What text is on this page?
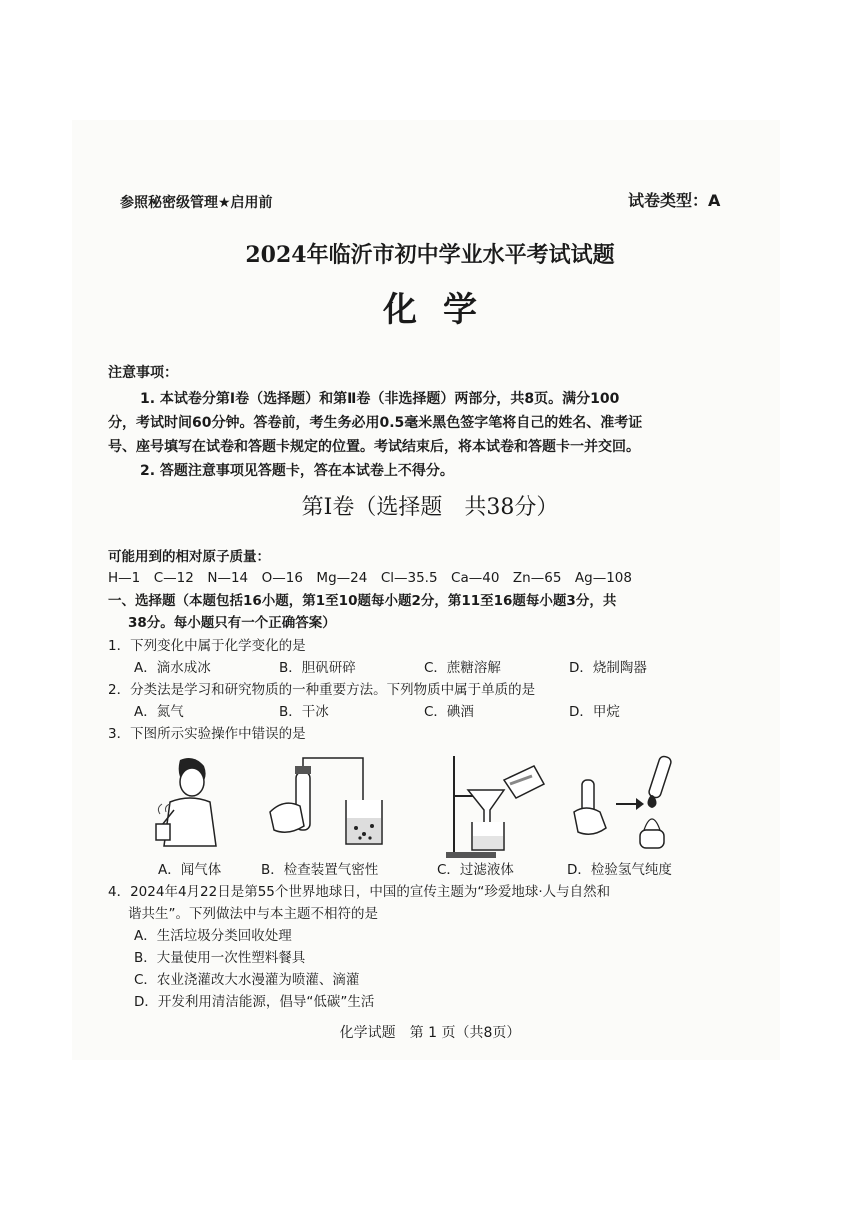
参照秘密级管理★启用前	试卷类型：A
2024年临沂市初中学业水平考试试题
化学
注意事项：
1. 本试卷分第Ⅰ卷（选择题）和第Ⅱ卷（非选择题）两部分，共8页。满分100
分，考试时间60分钟。答卷前，考生务必用0.5毫米黑色签字笔将自己的姓名、准考证
号、座号填写在试卷和答题卡规定的位置。考试结束后，将本试卷和答题卡一并交回。
2. 答题注意事项见答题卡，答在本试卷上不得分。
第Ⅰ卷（选择题　共38分）
可能用到的相对原子质量：
H—1　C—12　N—14　O—16　Mg—24　Cl—35.5　Ca—40　Zn—65　Ag—108
一、选择题（本题包括16小题，第1至10题每小题2分，第11至16题每小题3分，共
38分。每小题只有一个正确答案）
1．下列变化中属于化学变化的是
A．滴水成冰	B．胆矾研碎	C．蔗糖溶解	D．烧制陶器
2．分类法是学习和研究物质的一种重要方法。下列物质中属于单质的是
A．氮气	B．干冰	C．碘酒	D．甲烷
3．下图所示实验操作中错误的是
A．闻气体	B．检查装置气密性	C．过滤液体	D．检验氢气纯度
4．2024年4月22日是第55个世界地球日，中国的宣传主题为“珍爱地球·人与自然和
谐共生”。下列做法中与本主题不相符的是
A．生活垃圾分类回收处理
B．大量使用一次性塑料餐具
C．农业浇灌改大水漫灌为喷灌、滴灌
D．开发利用清洁能源，倡导“低碳”生活
化学试题　第 1 页（共8页）
